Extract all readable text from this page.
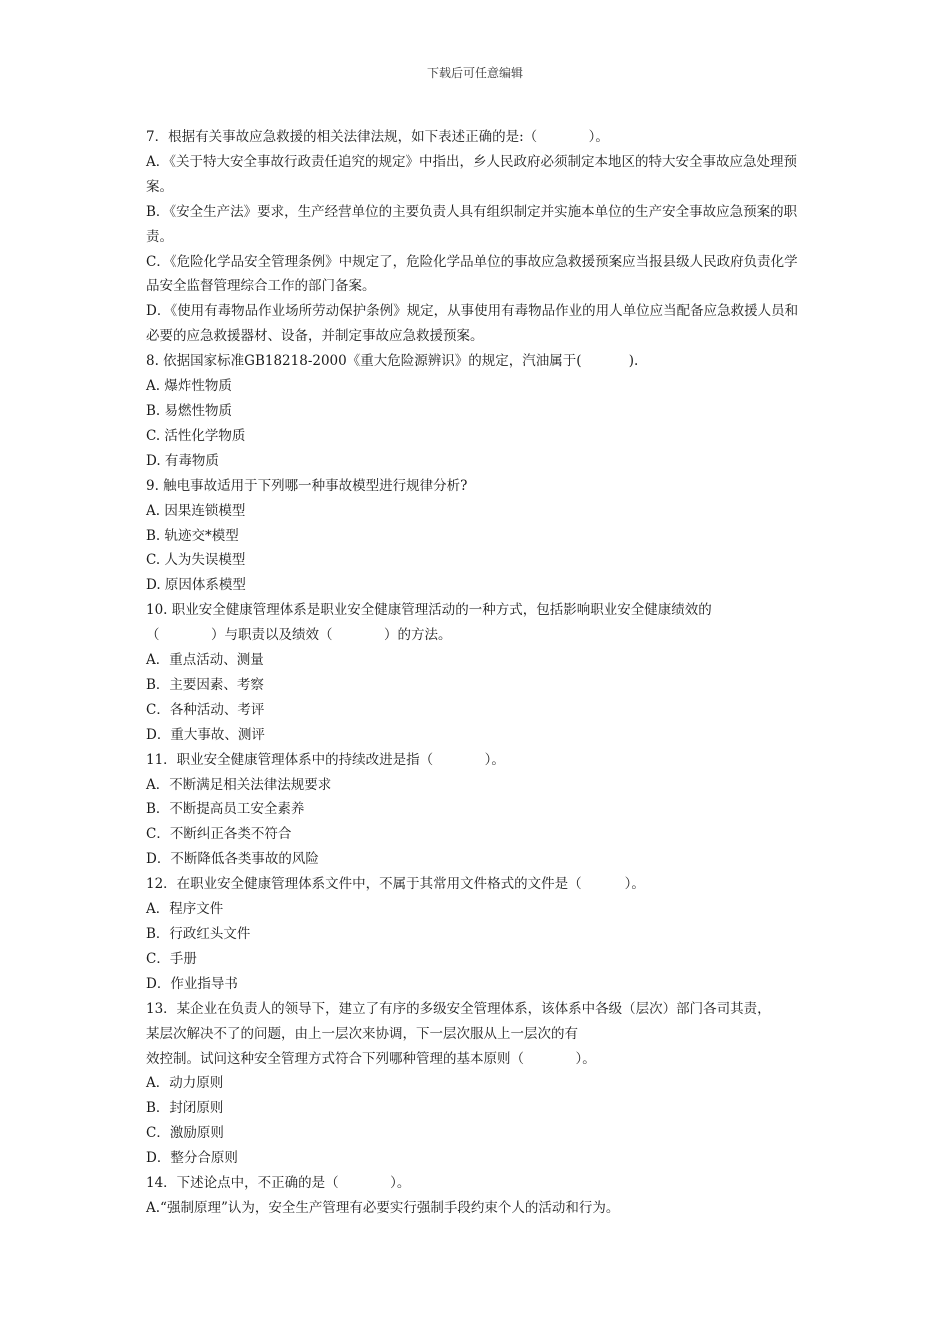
下载后可任意编辑

7．根据有关事故应急救援的相关法律法规，如下表述正确的是:（            ）。

A．《关于特大安全事故行政责任追究的规定》中指出，乡人民政府必须制定本地区的特大安全事故应急处理预案。

B．《安全生产法》要求，生产经营单位的主要负责人具有组织制定并实施本单位的生产安全事故应急预案的职责。

C．《危险化学品安全管理条例》中规定了，危险化学品单位的事故应急救援预案应当报县级人民政府负责化学品安全监督管理综合工作的部门备案。

D．《使用有毒物品作业场所劳动保护条例》规定，从事使用有毒物品作业的用人单位应当配备应急救援人员和必要的应急救援器材、设备，并制定事故应急救援预案。

8. 依据国家标准GB18218-2000《重大危险源辨识》的规定，汽油属于(           ).

A. 爆炸性物质

B. 易燃性物质

C. 活性化学物质

D. 有毒物质

9. 触电事故适用于下列哪一种事故模型进行规律分析?

A. 因果连锁模型

B. 轨迹交*模型

C. 人为失误模型

D. 原因体系模型

10. 职业安全健康管理体系是职业安全健康管理活动的一种方式，包括影响职业安全健康绩效的

（            ）与职责以及绩效（            ）的方法。

A．重点活动、测量

B．主要因素、考察

C．各种活动、考评

D．重大事故、测评

11．职业安全健康管理体系中的持续改进是指（            ）。

A．不断满足相关法律法规要求

B．不断提高员工安全素养

C．不断纠正各类不符合

D．不断降低各类事故的风险

12．在职业安全健康管理体系文件中，不属于其常用文件格式的文件是（          ）。

A．程序文件

B．行政红头文件

C．手册

D．作业指导书

13．某企业在负责人的领导下，建立了有序的多级安全管理体系，该体系中各级（层次）部门各司其责，

某层次解决不了的问题，由上一层次来协调，下一层次服从上一层次的有

效控制。试问这种安全管理方式符合下列哪种管理的基本原则（            ）。

A．动力原则

B．封闭原则

C．激励原则

D．整分合原则

14．下述论点中，不正确的是（            ）。

A.“强制原理”认为，安全生产管理有必要实行强制手段约束个人的活动和行为。
